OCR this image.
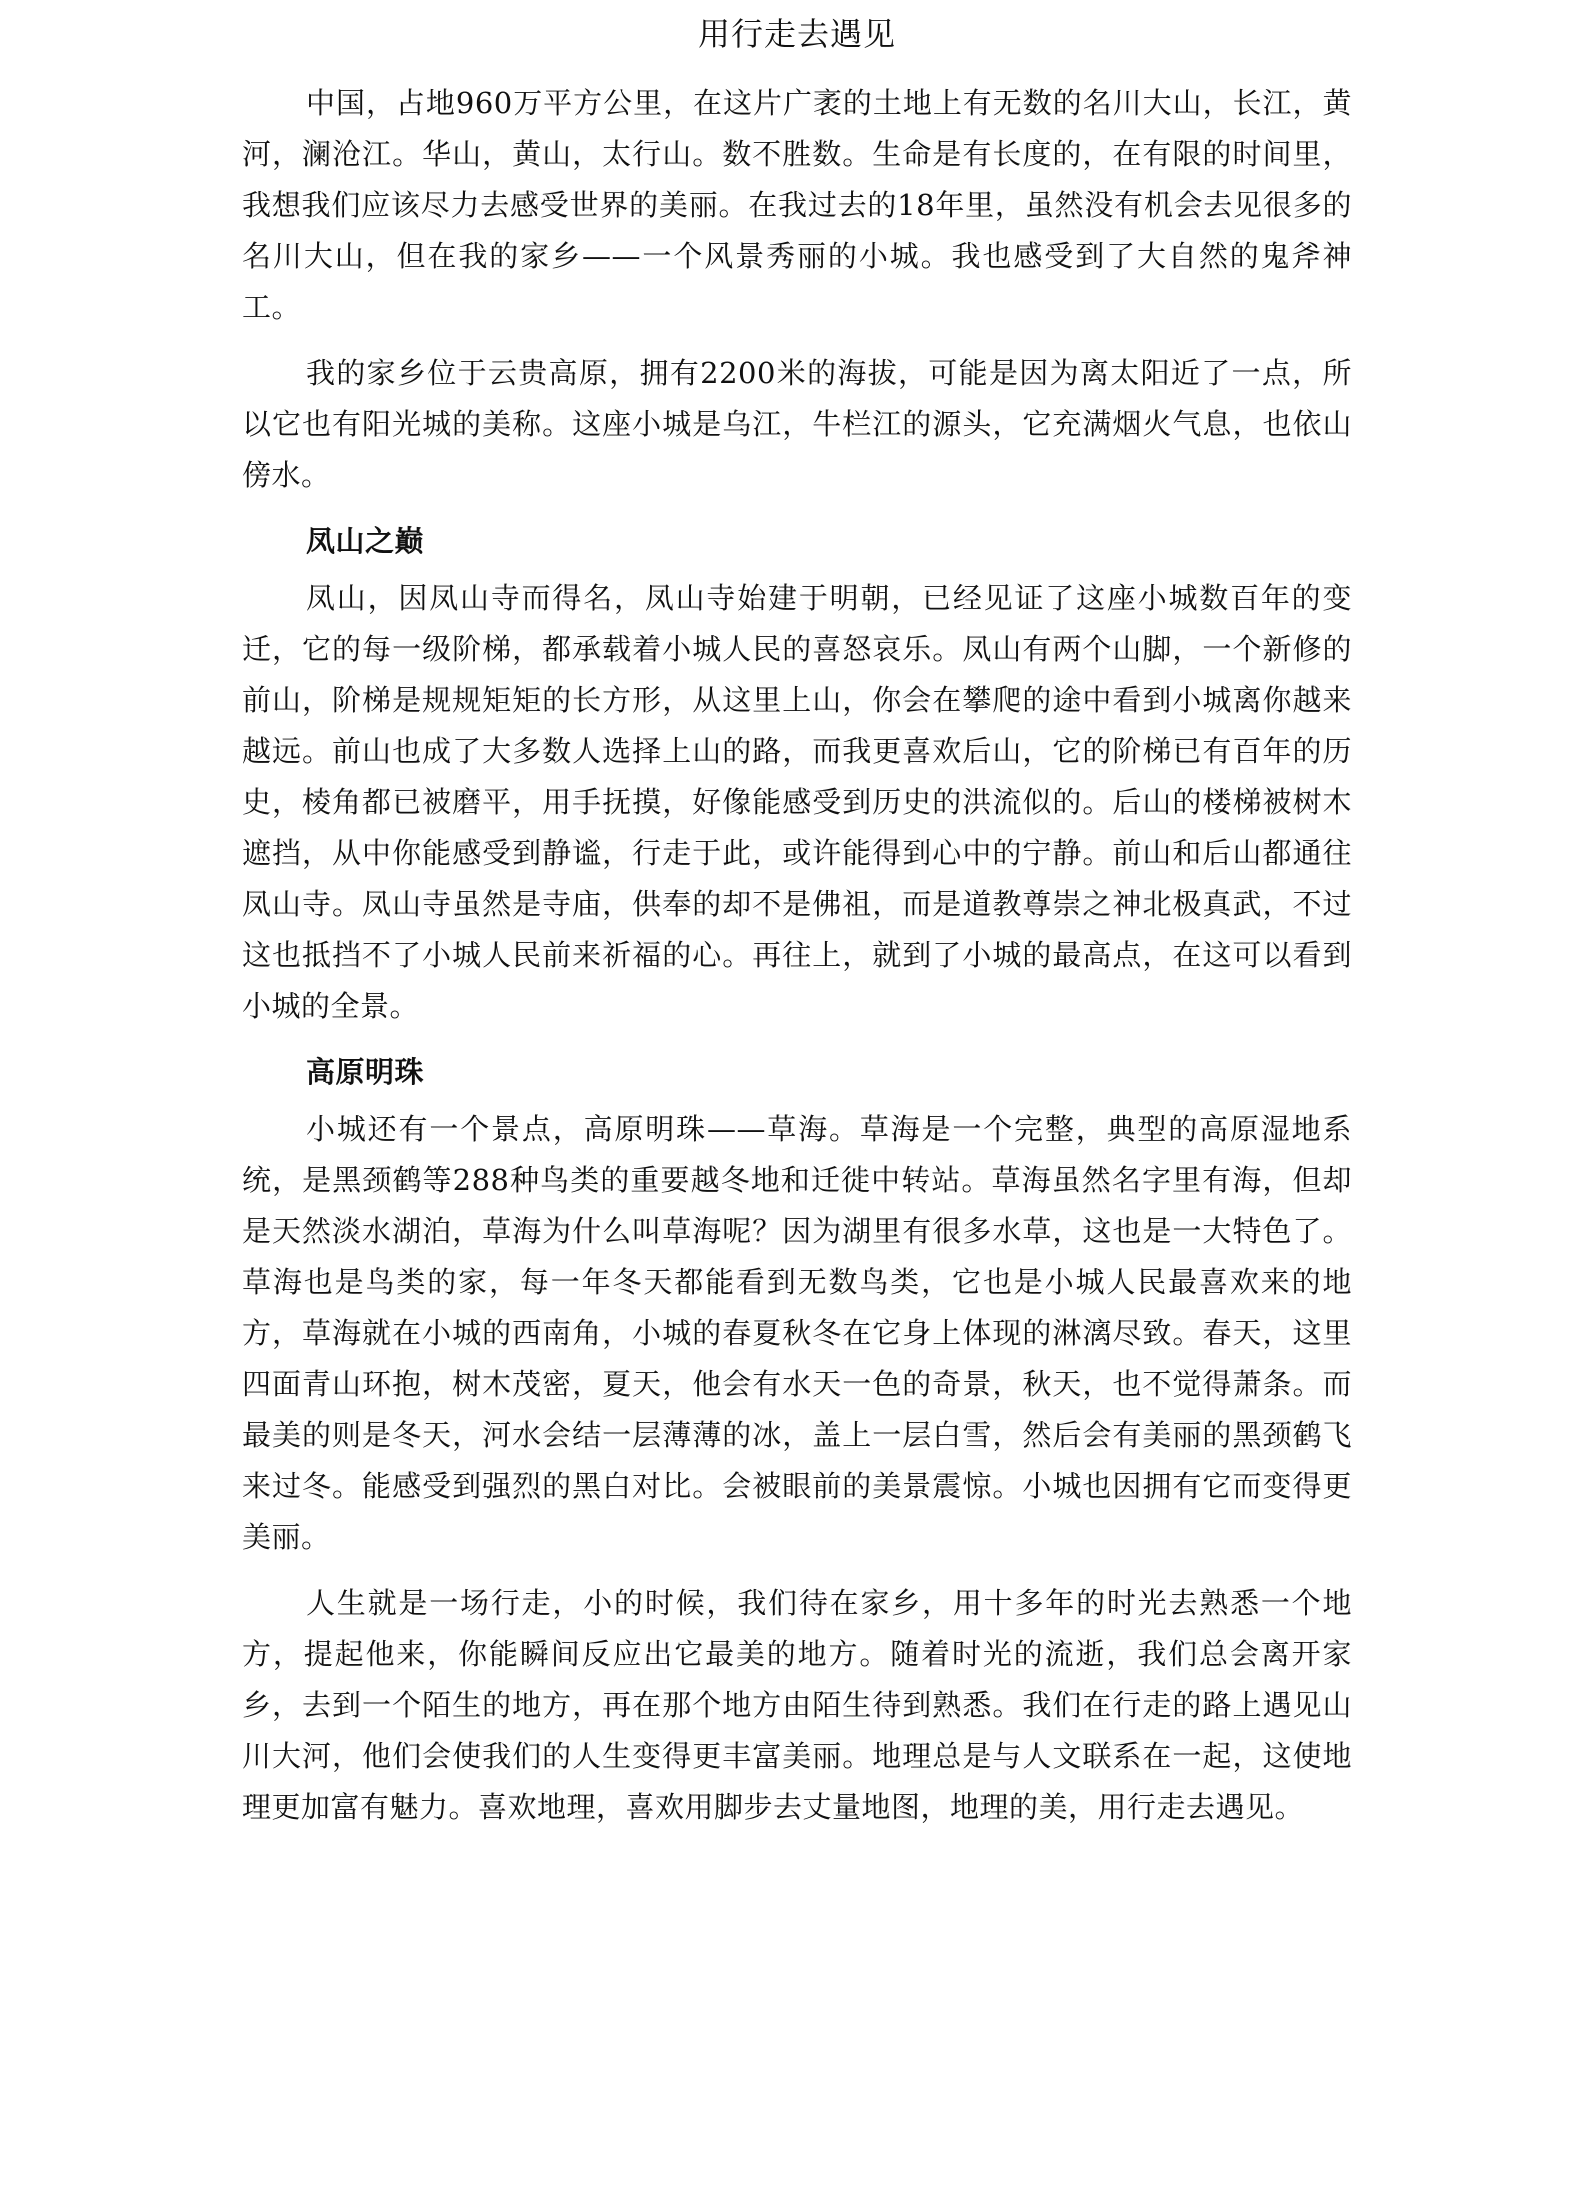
用行走去遇见

中国，占地960万平方公里，在这片广袤的土地上有无数的名川大山，长江，黄河，澜沧江。华山，黄山，太行山。数不胜数。生命是有长度的，在有限的时间里，我想我们应该尽力去感受世界的美丽。在我过去的18年里，虽然没有机会去见很多的名川大山，但在我的家乡——一个风景秀丽的小城。我也感受到了大自然的鬼斧神工。

我的家乡位于云贵高原，拥有2200米的海拔，可能是因为离太阳近了一点，所以它也有阳光城的美称。这座小城是乌江，牛栏江的源头，它充满烟火气息，也依山傍水。

凤山之巅

凤山，因凤山寺而得名，凤山寺始建于明朝，已经见证了这座小城数百年的变迁，它的每一级阶梯，都承载着小城人民的喜怒哀乐。凤山有两个山脚，一个新修的前山，阶梯是规规矩矩的长方形，从这里上山，你会在攀爬的途中看到小城离你越来越远。前山也成了大多数人选择上山的路，而我更喜欢后山，它的阶梯已有百年的历史，棱角都已被磨平，用手抚摸，好像能感受到历史的洪流似的。后山的楼梯被树木遮挡，从中你能感受到静谧，行走于此，或许能得到心中的宁静。前山和后山都通往凤山寺。凤山寺虽然是寺庙，供奉的却不是佛祖，而是道教尊崇之神北极真武，不过这也抵挡不了小城人民前来祈福的心。再往上，就到了小城的最高点，在这可以看到小城的全景。

高原明珠

小城还有一个景点，高原明珠——草海。草海是一个完整，典型的高原湿地系统，是黑颈鹤等288种鸟类的重要越冬地和迁徙中转站。草海虽然名字里有海，但却是天然淡水湖泊，草海为什么叫草海呢？因为湖里有很多水草，这也是一大特色了。草海也是鸟类的家，每一年冬天都能看到无数鸟类，它也是小城人民最喜欢来的地方，草海就在小城的西南角，小城的春夏秋冬在它身上体现的淋漓尽致。春天，这里四面青山环抱，树木茂密，夏天，他会有水天一色的奇景，秋天，也不觉得萧条。而最美的则是冬天，河水会结一层薄薄的冰，盖上一层白雪，然后会有美丽的黑颈鹤飞来过冬。能感受到强烈的黑白对比。会被眼前的美景震惊。小城也因拥有它而变得更美丽。

人生就是一场行走，小的时候，我们待在家乡，用十多年的时光去熟悉一个地方，提起他来，你能瞬间反应出它最美的地方。随着时光的流逝，我们总会离开家乡，去到一个陌生的地方，再在那个地方由陌生待到熟悉。我们在行走的路上遇见山川大河，他们会使我们的人生变得更丰富美丽。地理总是与人文联系在一起，这使地理更加富有魅力。喜欢地理，喜欢用脚步去丈量地图，地理的美，用行走去遇见。
